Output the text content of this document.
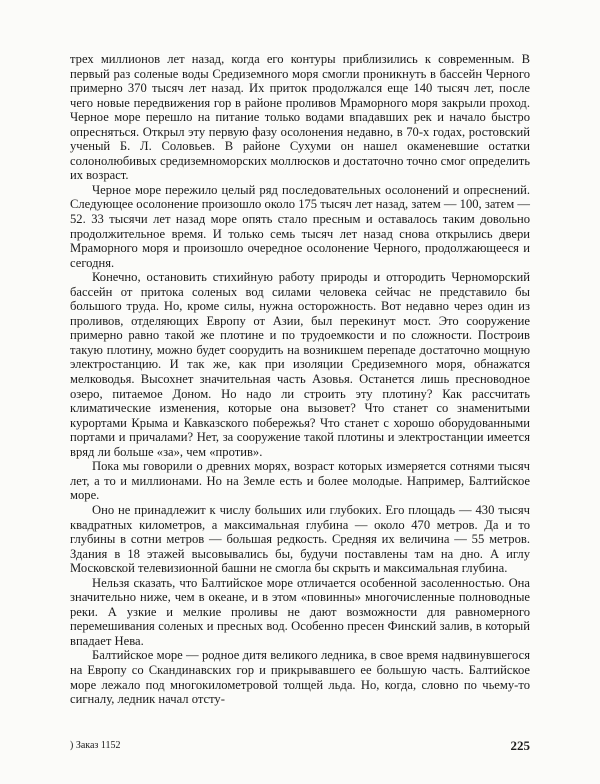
трех миллионов лет назад, когда его контуры приблизились к современным. В первый раз соленые воды Средиземного моря смогли проникнуть в бассейн Черного примерно 370 тысяч лет назад. Их приток продолжался еще 140 тысяч лет, после чего новые передвижения гор в районе проливов Мраморного моря закрыли проход. Черное море перешло на питание только водами впадавших рек и начало быстро опресняться. Открыл эту первую фазу осолонения недавно, в 70-х годах, ростовский ученый Б. Л. Соловьев. В районе Сухуми он нашел окаменевшие остатки солонолюбивых средиземноморских моллюсков и достаточно точно смог определить их возраст.

Черное море пережило целый ряд последовательных осолонений и опреснений. Следующее осолонение произошло около 175 тысяч лет назад, затем — 100, затем — 52. 33 тысячи лет назад море опять стало пресным и оставалось таким довольно продолжительное время. И только семь тысяч лет назад снова открылись двери Мраморного моря и произошло очередное осолонение Черного, продолжающееся и сегодня.

Конечно, остановить стихийную работу природы и отгородить Черноморский бассейн от притока соленых вод силами человека сейчас не представило бы большого труда. Но, кроме силы, нужна осторожность. Вот недавно через один из проливов, отделяющих Европу от Азии, был перекинут мост. Это сооружение примерно равно такой же плотине и по трудоемкости и по сложности. Построив такую плотину, можно будет соорудить на возникшем перепаде достаточно мощную электростанцию. И так же, как при изоляции Средиземного моря, обнажатся мелководья. Высохнет значительная часть Азовья. Останется лишь пресноводное озеро, питаемое Доном. Но надо ли строить эту плотину? Как рассчитать климатические изменения, которые она вызовет? Что станет со знаменитыми курортами Крыма и Кавказского побережья? Что станет с хорошо оборудованными портами и причалами? Нет, за сооружение такой плотины и электростанции имеется вряд ли больше «за», чем «против».

Пока мы говорили о древних морях, возраст которых измеряется сотнями тысяч лет, а то и миллионами. Но на Земле есть и более молодые. Например, Балтийское море.

Оно не принадлежит к числу больших или глубоких. Его площадь — 430 тысяч квадратных километров, а максимальная глубина — около 470 метров. Да и то глубины в сотни метров — большая редкость. Средняя их величина — 55 метров. Здания в 18 этажей высовывались бы, будучи поставлены там на дно. А иглу Московской телевизионной башни не смогла бы скрыть и максимальная глубина.

Нельзя сказать, что Балтийское море отличается особенной засоленностью. Она значительно ниже, чем в океане, и в этом «повинны» многочисленные полноводные реки. А узкие и мелкие проливы не дают возможности для равномерного перемешивания соленых и пресных вод. Особенно пресен Финский залив, в который впадает Нева.

Балтийское море — родное дитя великого ледника, в свое время надвинувшегося на Европу со Скандинавских гор и прикрывавшего ее большую часть. Балтийское море лежало под многокилометровой толщей льда. Но, когда, словно по чьему-то сигналу, ледник начал отсту-

) Заказ 1152	225
